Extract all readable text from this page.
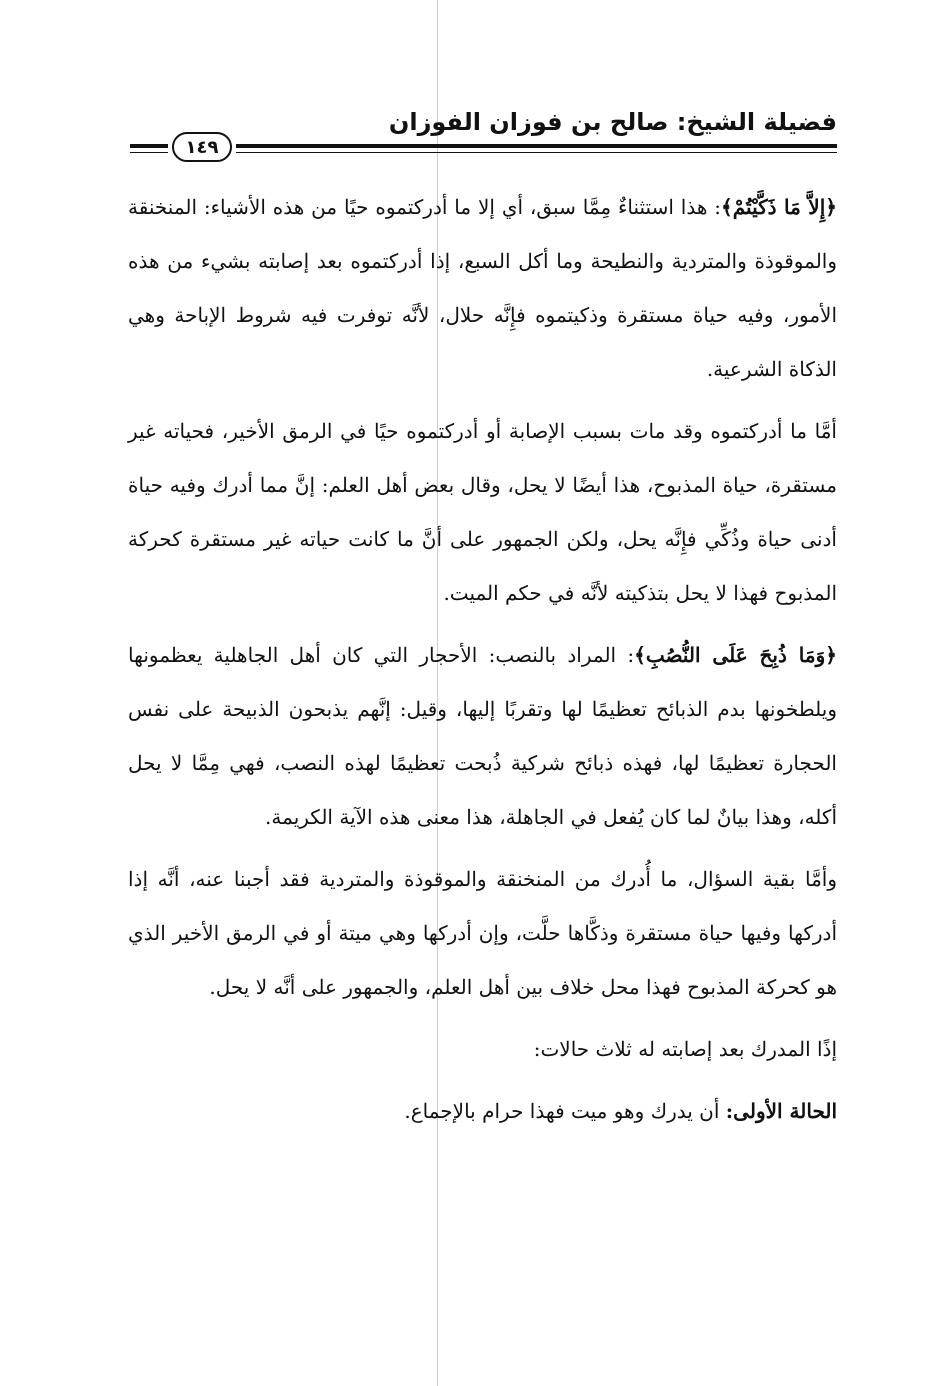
فضيلة الشيخ: صالح بن فوزان الفوزان
١٤٩

﴿إِلاَّ مَا ذَكَّيْتُمْ﴾: هذا استثناءٌ مِمَّا سبق، أي إلا ما أدركتموه حيًا من هذه الأشياء: المنخنقة والموقوذة والمتردية والنطيحة وما أكل السبع، إذا أدركتموه بعد إصابته بشيء من هذه الأمور، وفيه حياة مستقرة وذكيتموه فإِنَّه حلال، لأنَّه توفرت فيه شروط الإباحة وهي الذكاة الشرعية.

أمَّا ما أدركتموه وقد مات بسبب الإصابة أو أدركتموه حيًا في الرمق الأخير، فحياته غير مستقرة، حياة المذبوح، هذا أيضًا لا يحل، وقال بعض أهل العلم: إنَّ مما أدرك وفيه حياة أدنى حياة وذُكِّي فإِنَّه يحل، ولكن الجمهور على أنَّ ما كانت حياته غير مستقرة كحركة المذبوح فهذا لا يحل بتذكيته لأنَّه في حكم الميت.

﴿وَمَا ذُبِحَ عَلَى النُّصُبِ﴾: المراد بالنصب: الأحجار التي كان أهل الجاهلية يعظمونها ويلطخونها بدم الذبائح تعظيمًا لها وتقربًا إليها، وقيل: إنَّهم يذبحون الذبيحة على نفس الحجارة تعظيمًا لها، فهذه ذبائح شركية ذُبحت تعظيمًا لهذه النصب، فهي مِمَّا لا يحل أكله، وهذا بيانٌ لما كان يُفعل في الجاهلة، هذا معنى هذه الآية الكريمة.

وأمَّا بقية السؤال، ما أُدرك من المنخنقة والموقوذة والمتردية فقد أجبنا عنه، أنَّه إذا أدركها وفيها حياة مستقرة وذكَّاها حلَّت، وإن أدركها وهي ميتة أو في الرمق الأخير الذي هو كحركة المذبوح فهذا محل خلاف بين أهل العلم، والجمهور على أنَّه لا يحل.

إذًا المدرك بعد إصابته له ثلاث حالات:

الحالة الأولى: أن يدرك وهو ميت فهذا حرام بالإجماع.
